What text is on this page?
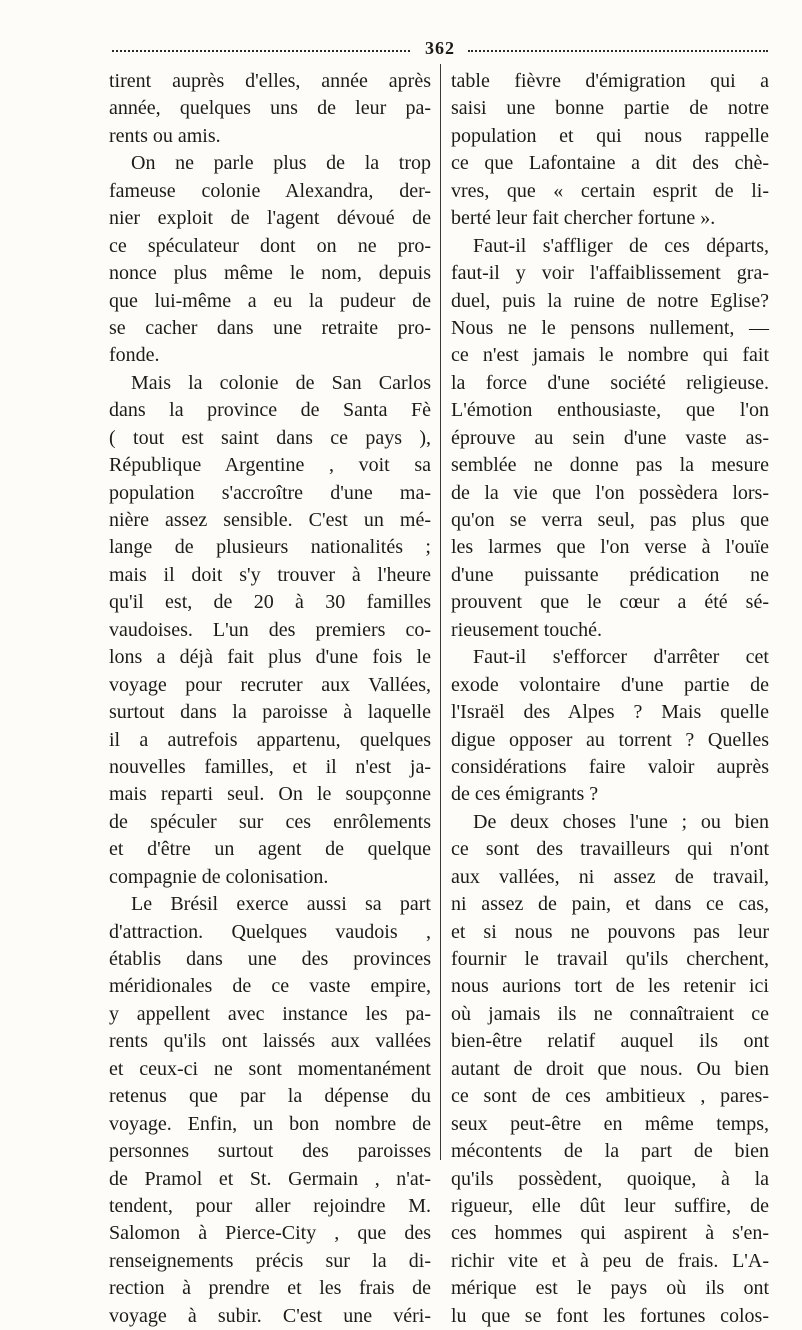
362
tirent auprès d'elles, année après
année, quelques uns de leur pa-
rents ou amis.
On ne parle plus de la trop
fameuse colonie Alexandra, der-
nier exploit de l'agent dévoué de
ce spéculateur dont on ne pro-
nonce plus même le nom, depuis
que lui-même a eu la pudeur de
se cacher dans une retraite pro-
fonde.
Mais la colonie de San Carlos
dans la province de Santa Fè
( tout est saint dans ce pays ),
République Argentine , voit sa
population s'accroître d'une ma-
nière assez sensible. C'est un mé-
lange de plusieurs nationalités ;
mais il doit s'y trouver à l'heure
qu'il est, de 20 à 30 familles
vaudoises. L'un des premiers co-
lons a déjà fait plus d'une fois le
voyage pour recruter aux Vallées,
surtout dans la paroisse à laquelle
il a autrefois appartenu, quelques
nouvelles familles, et il n'est ja-
mais reparti seul. On le soupçonne
de spéculer sur ces enrôlements
et d'être un agent de quelque
compagnie de colonisation.
Le Brésil exerce aussi sa part
d'attraction. Quelques vaudois ,
établis dans une des provinces
méridionales de ce vaste empire,
y appellent avec instance les pa-
rents qu'ils ont laissés aux vallées
et ceux-ci ne sont momentanément
retenus que par la dépense du
voyage. Enfin, un bon nombre de
personnes surtout des paroisses
de Pramol et St. Germain , n'at-
tendent, pour aller rejoindre M.
Salomon à Pierce-City , que des
renseignements précis sur la di-
rection à prendre et les frais de
voyage à subir. C'est une véri-
table fièvre d'émigration qui a
saisi une bonne partie de notre
population et qui nous rappelle
ce que Lafontaine a dit des chè-
vres, que « certain esprit de li-
berté leur fait chercher fortune ».
Faut-il s'affliger de ces départs,
faut-il y voir l'affaiblissement gra-
duel, puis la ruine de notre Eglise?
Nous ne le pensons nullement, —
ce n'est jamais le nombre qui fait
la force d'une société religieuse.
L'émotion enthousiaste, que l'on
éprouve au sein d'une vaste as-
semblée ne donne pas la mesure
de la vie que l'on possèdera lors-
qu'on se verra seul, pas plus que
les larmes que l'on verse à l'ouïe
d'une puissante prédication ne
prouvent que le cœur a été sé-
rieusement touché.
Faut-il s'efforcer d'arrêter cet
exode volontaire d'une partie de
l'Israël des Alpes ? Mais quelle
digue opposer au torrent ? Quelles
considérations faire valoir auprès
de ces émigrants ?
De deux choses l'une ; ou bien
ce sont des travailleurs qui n'ont
aux vallées, ni assez de travail,
ni assez de pain, et dans ce cas,
et si nous ne pouvons pas leur
fournir le travail qu'ils cherchent,
nous aurions tort de les retenir ici
où jamais ils ne connaîtraient ce
bien-être relatif auquel ils ont
autant de droit que nous. Ou bien
ce sont de ces ambitieux , pares-
seux peut-être en même temps,
mécontents de la part de bien
qu'ils possèdent, quoique, à la
rigueur, elle dût leur suffire, de
ces hommes qui aspirent à s'en-
richir vite et à peu de frais. L'A-
mérique est le pays où ils ont
lu que se font les fortunes colos-
